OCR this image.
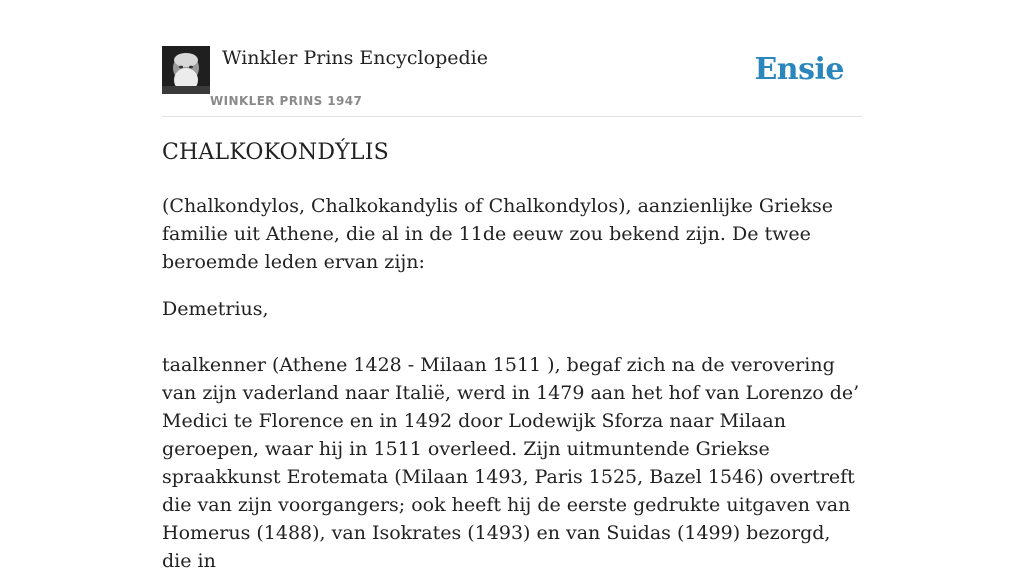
Winkler Prins Encyclopedie
WINKLER PRINS 1947
Ensie
CHALKOKONDÝLIS

(Chalkondylos, Chalkokandylis of Chalkondylos), aanzienlijke Griekse familie uit Athene, die al in de 11de eeuw zou bekend zijn. De twee beroemde leden ervan zijn:

Demetrius,

taalkenner (Athene 1428 - Milaan 1511 ), begaf zich na de verovering van zijn vaderland naar Italië, werd in 1479 aan het hof van Lorenzo de’ Medici te Florence en in 1492 door Lodewijk Sforza naar Milaan geroepen, waar hij in 1511 overleed. Zijn uitmuntende Griekse spraakkunst Erotemata (Milaan 1493, Paris 1525, Bazel 1546) overtreft die van zijn voorgangers; ook heeft hij de eerste gedrukte uitgaven van Homerus (1488), van Isokrates (1493) en van Suidas (1499) bezorgd, die in
